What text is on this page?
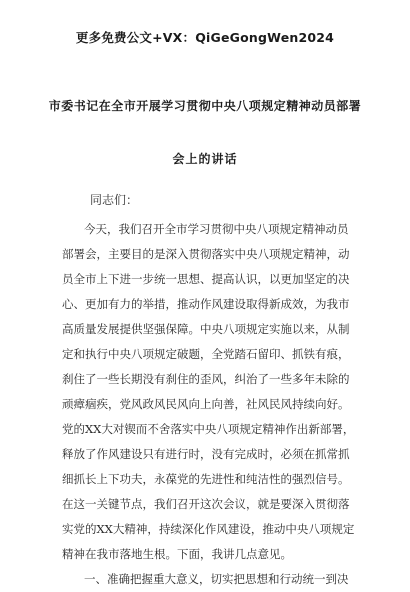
更多免费公文+VX：QiGeGongWen2024
市委书记在全市开展学习贯彻中央八项规定精神动员部署
会上的讲话
同志们：
今天，我们召开全市学习贯彻中央八项规定精神动员
部署会，主要目的是深入贯彻落实中央八项规定精神，动
员全市上下进一步统一思想、提高认识，以更加坚定的决
心、更加有力的举措，推动作风建设取得新成效，为我市
高质量发展提供坚强保障。中央八项规定实施以来，从制
定和执行中央八项规定破题，全党踏石留印、抓铁有痕，
刹住了一些长期没有刹住的歪风，纠治了一些多年未除的
顽瘴痼疾，党风政风民风向上向善，社风民风持续向好。
党的XX大对锲而不舍落实中央八项规定精神作出新部署，
释放了作风建设只有进行时，没有完成时，必须在抓常抓
细抓长上下功夫，永葆党的先进性和纯洁性的强烈信号。
在这一关键节点，我们召开这次会议，就是要深入贯彻落
实党的XX大精神，持续深化作风建设，推动中央八项规定
精神在我市落地生根。下面，我讲几点意见。
一、准确把握重大意义，切实把思想和行动统一到决
